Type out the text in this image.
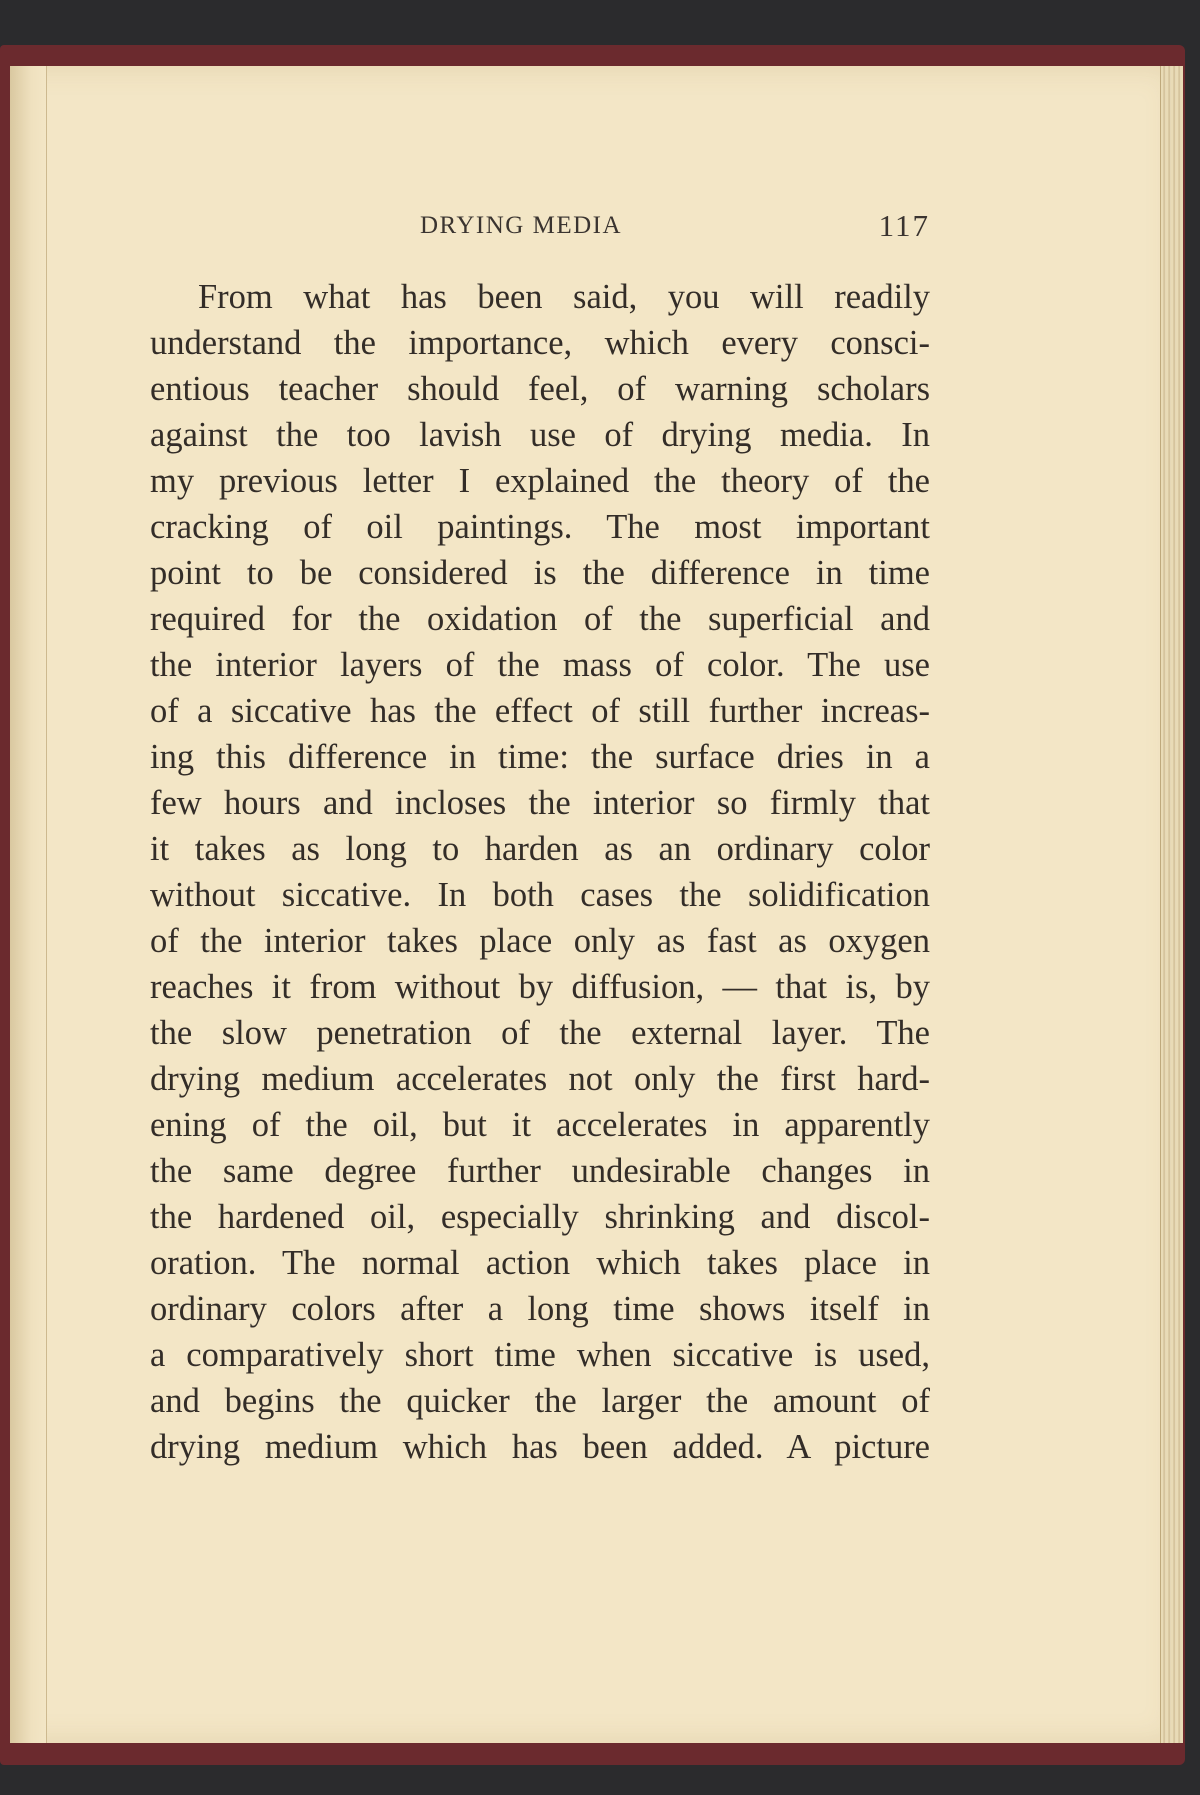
DRYING MEDIA	117
From what has been said, you will readily
understand the importance, which every consci-
entious teacher should feel, of warning scholars
against the too lavish use of drying media. In
my previous letter I explained the theory of the
cracking of oil paintings. The most important
point to be considered is the difference in time
required for the oxidation of the superficial and
the interior layers of the mass of color. The use
of a siccative has the effect of still further increas-
ing this difference in time: the surface dries in a
few hours and incloses the interior so firmly that
it takes as long to harden as an ordinary color
without siccative. In both cases the solidification
of the interior takes place only as fast as oxygen
reaches it from without by diffusion, — that is, by
the slow penetration of the external layer. The
drying medium accelerates not only the first hard-
ening of the oil, but it accelerates in apparently
the same degree further undesirable changes in
the hardened oil, especially shrinking and discol-
oration. The normal action which takes place in
ordinary colors after a long time shows itself in
a comparatively short time when siccative is used,
and begins the quicker the larger the amount of
drying medium which has been added. A picture
